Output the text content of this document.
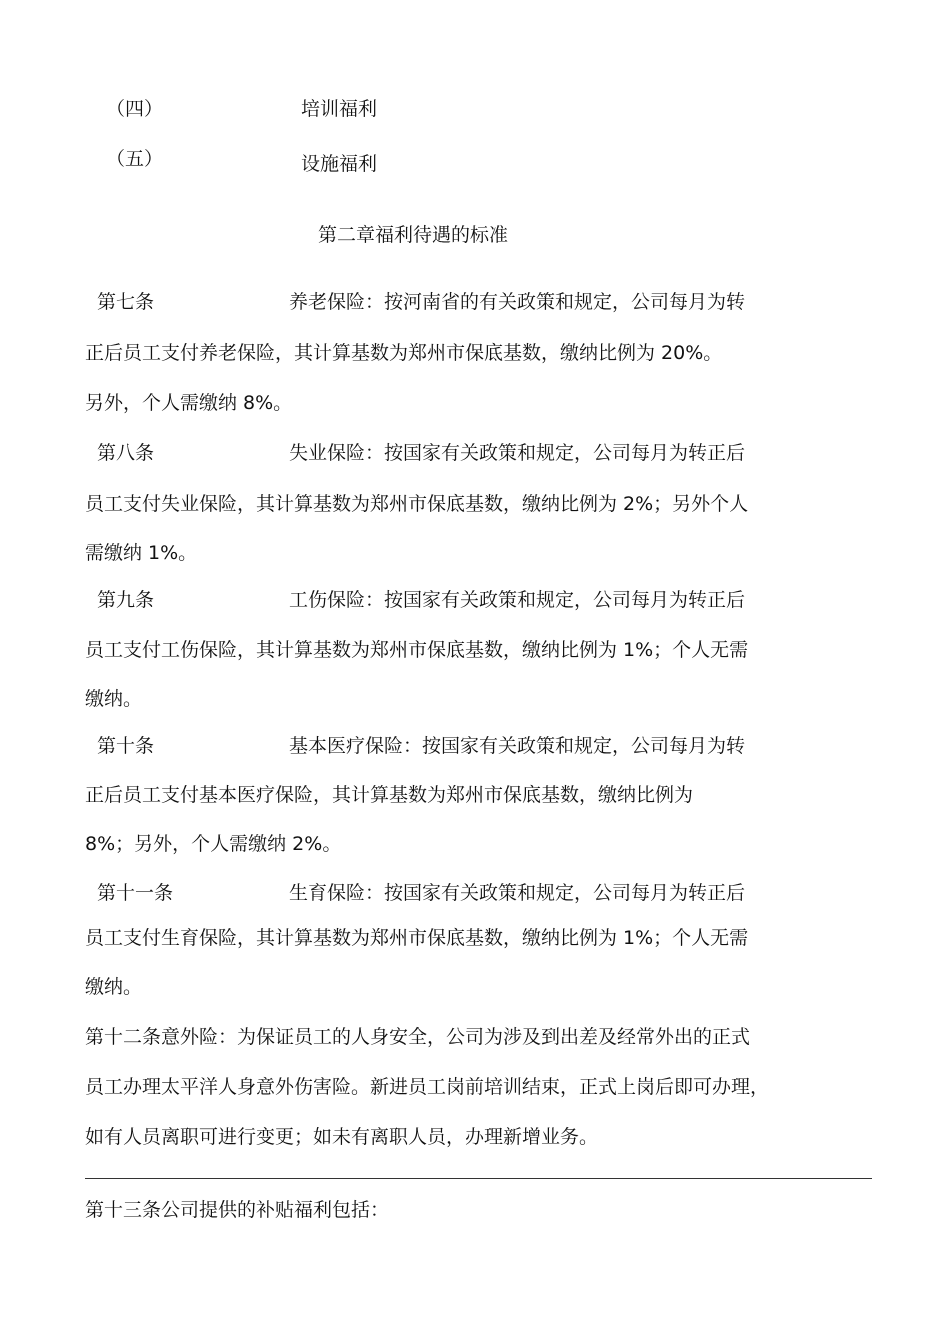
（四）	培训福利
（五）	设施福利
第二章福利待遇的标准
第七条	养老保险：按河南省的有关政策和规定，公司每月为转
正后员工支付养老保险，其计算基数为郑州市保底基数，缴纳比例为 20%。
另外，个人需缴纳 8%。
第八条	失业保险：按国家有关政策和规定，公司每月为转正后
员工支付失业保险，其计算基数为郑州市保底基数，缴纳比例为 2%；另外个人
需缴纳 1%。
第九条	工伤保险：按国家有关政策和规定，公司每月为转正后
员工支付工伤保险，其计算基数为郑州市保底基数，缴纳比例为 1%；个人无需
缴纳。
第十条	基本医疗保险：按国家有关政策和规定，公司每月为转
正后员工支付基本医疗保险，其计算基数为郑州市保底基数，缴纳比例为
8%；另外，个人需缴纳 2%。
第十一条	生育保险：按国家有关政策和规定，公司每月为转正后
员工支付生育保险，其计算基数为郑州市保底基数，缴纳比例为 1%；个人无需
缴纳。
第十二条意外险：为保证员工的人身安全，公司为涉及到出差及经常外出的正式
员工办理太平洋人身意外伤害险。新进员工岗前培训结束，正式上岗后即可办理，
如有人员离职可进行变更；如未有离职人员，办理新增业务。
第十三条公司提供的补贴福利包括：
